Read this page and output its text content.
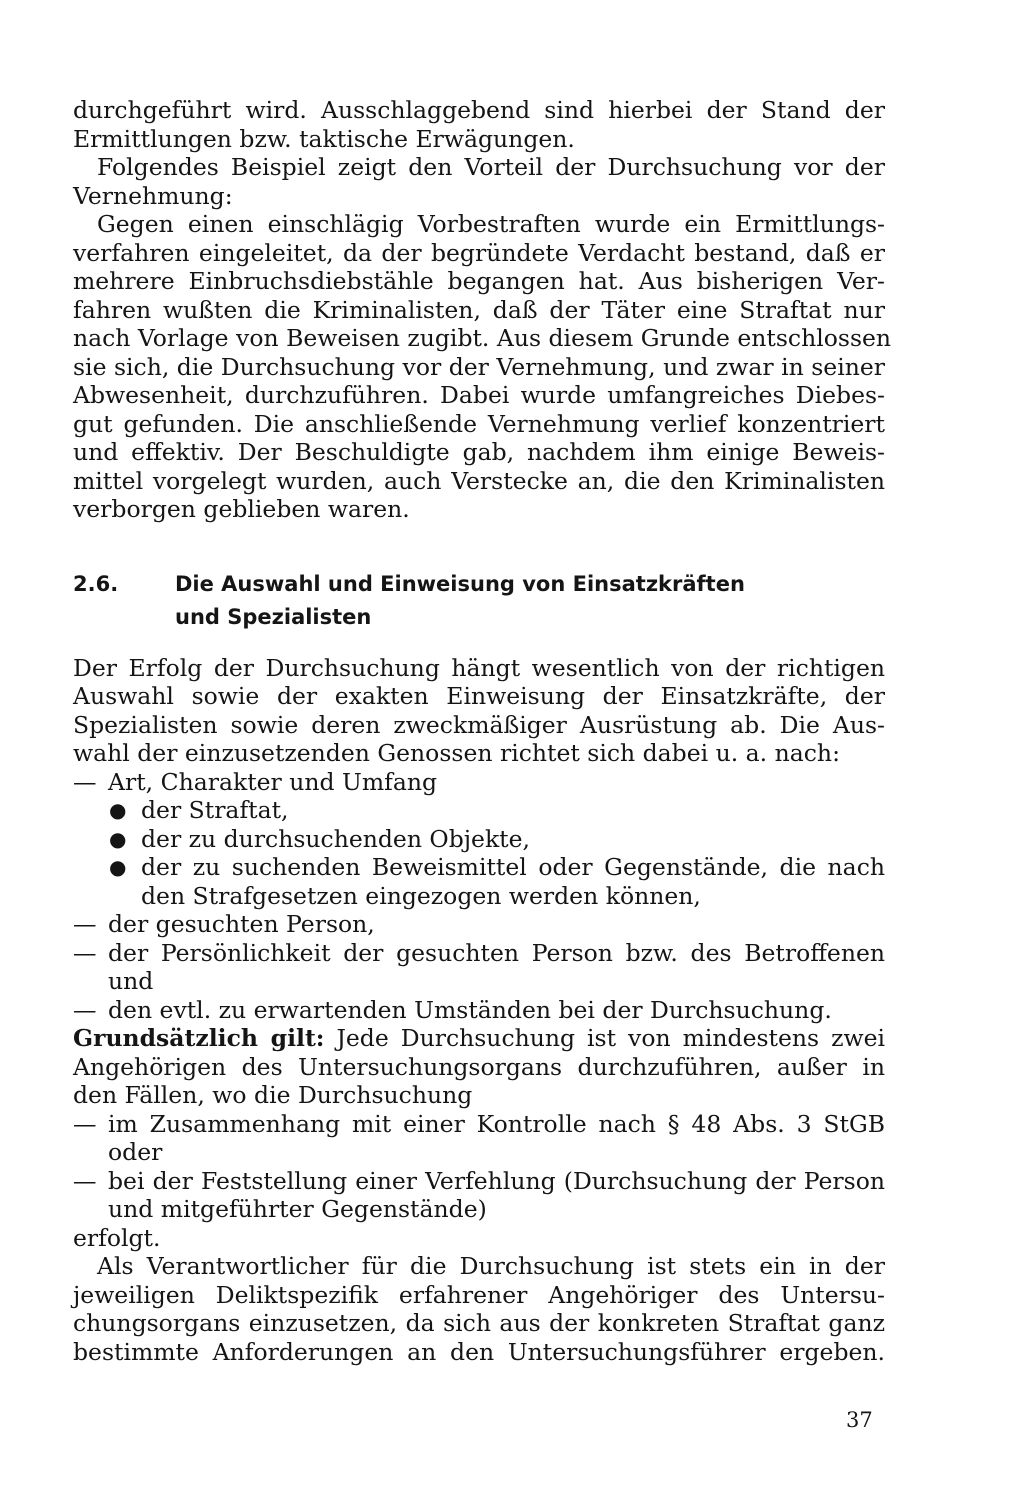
durchgeführt wird. Ausschlaggebend sind hierbei der Stand der

Ermittlungen bzw. taktische Erwägungen.

Folgendes Beispiel zeigt den Vorteil der Durchsuchung vor der

Vernehmung:

Gegen einen einschlägig Vorbestraften wurde ein Ermittlungs-

verfahren eingeleitet, da der begründete Verdacht bestand, daß er

mehrere Einbruchsdiebstähle begangen hat. Aus bisherigen Ver-

fahren wußten die Kriminalisten, daß der Täter eine Straftat nur

nach Vorlage von Beweisen zugibt. Aus diesem Grunde entschlossen

sie sich, die Durchsuchung vor der Vernehmung, und zwar in seiner

Abwesenheit, durchzuführen. Dabei wurde umfangreiches Diebes-

gut gefunden. Die anschließende Vernehmung verlief konzentriert

und effektiv. Der Beschuldigte gab, nachdem ihm einige Beweis-

mittel vorgelegt wurden, auch Verstecke an, die den Kriminalisten

verborgen geblieben waren.

2.6.	Die Auswahl und Einweisung von Einsatzkräften
und Spezialisten

Der Erfolg der Durchsuchung hängt wesentlich von der richtigen

Auswahl sowie der exakten Einweisung der Einsatzkräfte, der

Spezialisten sowie deren zweckmäßiger Ausrüstung ab. Die Aus-

wahl der einzusetzenden Genossen richtet sich dabei u. a. nach:

— Art, Charakter und Umfang

● der Straftat,

● der zu durchsuchenden Objekte,

● der zu suchenden Beweismittel oder Gegenstände, die nach

den Strafgesetzen eingezogen werden können,

— der gesuchten Person,

— der Persönlichkeit der gesuchten Person bzw. des Betroffenen

und

— den evtl. zu erwartenden Umständen bei der Durchsuchung.

Grundsätzlich gilt: Jede Durchsuchung ist von mindestens zwei

Angehörigen des Untersuchungsorgans durchzuführen, außer in

den Fällen, wo die Durchsuchung

— im Zusammenhang mit einer Kontrolle nach § 48 Abs. 3 StGB

oder

— bei der Feststellung einer Verfehlung (Durchsuchung der Person

und mitgeführter Gegenstände)

erfolgt.

Als Verantwortlicher für die Durchsuchung ist stets ein in der

jeweiligen Deliktspezifik erfahrener Angehöriger des Untersu-

chungsorgans einzusetzen, da sich aus der konkreten Straftat ganz

bestimmte Anforderungen an den Untersuchungsführer ergeben.

37
